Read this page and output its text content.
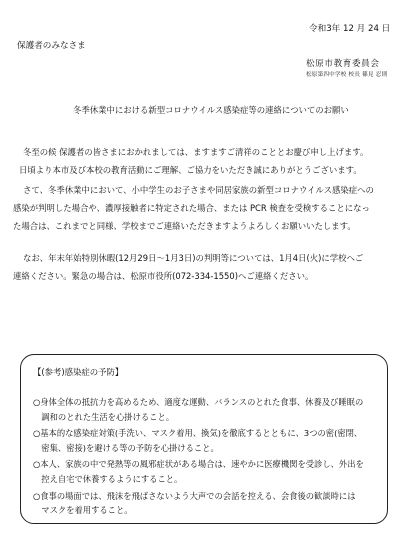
令和3年 12 月 24 日
保護者のみなさま
松原市教育委員会
松原第四中学校 校長 篠見 忍則
冬季休業中における新型コロナウイルス感染症等の連絡についてのお願い
冬至の候 保護者の皆さまにおかれましては、ますますご清祥のこととお慶び申し上げます。
日頃より本市及び本校の教育活動にご理解、ご協力をいただき誠にありがとうございます。
さて、冬季休業中において、小中学生のお子さまや同居家族の新型コロナウイルス感染症への
感染が判明した場合や、濃厚接触者に特定された場合、または PCR 検査を受検することになっ
た場合は、これまでと同様、学校までご連絡いただきますようよろしくお願いいたします。
なお、年末年始特別休暇(12月29日～1月3日)の判明等については、1月4日(火)に学校へご
連絡ください。緊急の場合は、松原市役所(072-334-1550)へご連絡ください。
【(参考)感染症の予防】
○身体全体の抵抗力を高めるため、適度な運動、バランスのとれた食事、休養及び睡眠の
　調和のとれた生活を心掛けること。
○基本的な感染症対策(手洗い、マスク着用、換気)を徹底するとともに、3つの密(密閉、
　密集、密接)を避ける等の予防を心掛けること。
○本人、家族の中で発熱等の風邪症状がある場合は、速やかに医療機関を受診し、外出を
　控え自宅で休養するようにすること。
○食事の場面では、飛沫を飛ばさないよう大声での会話を控える、会食後の歓談時には
　マスクを着用すること。
